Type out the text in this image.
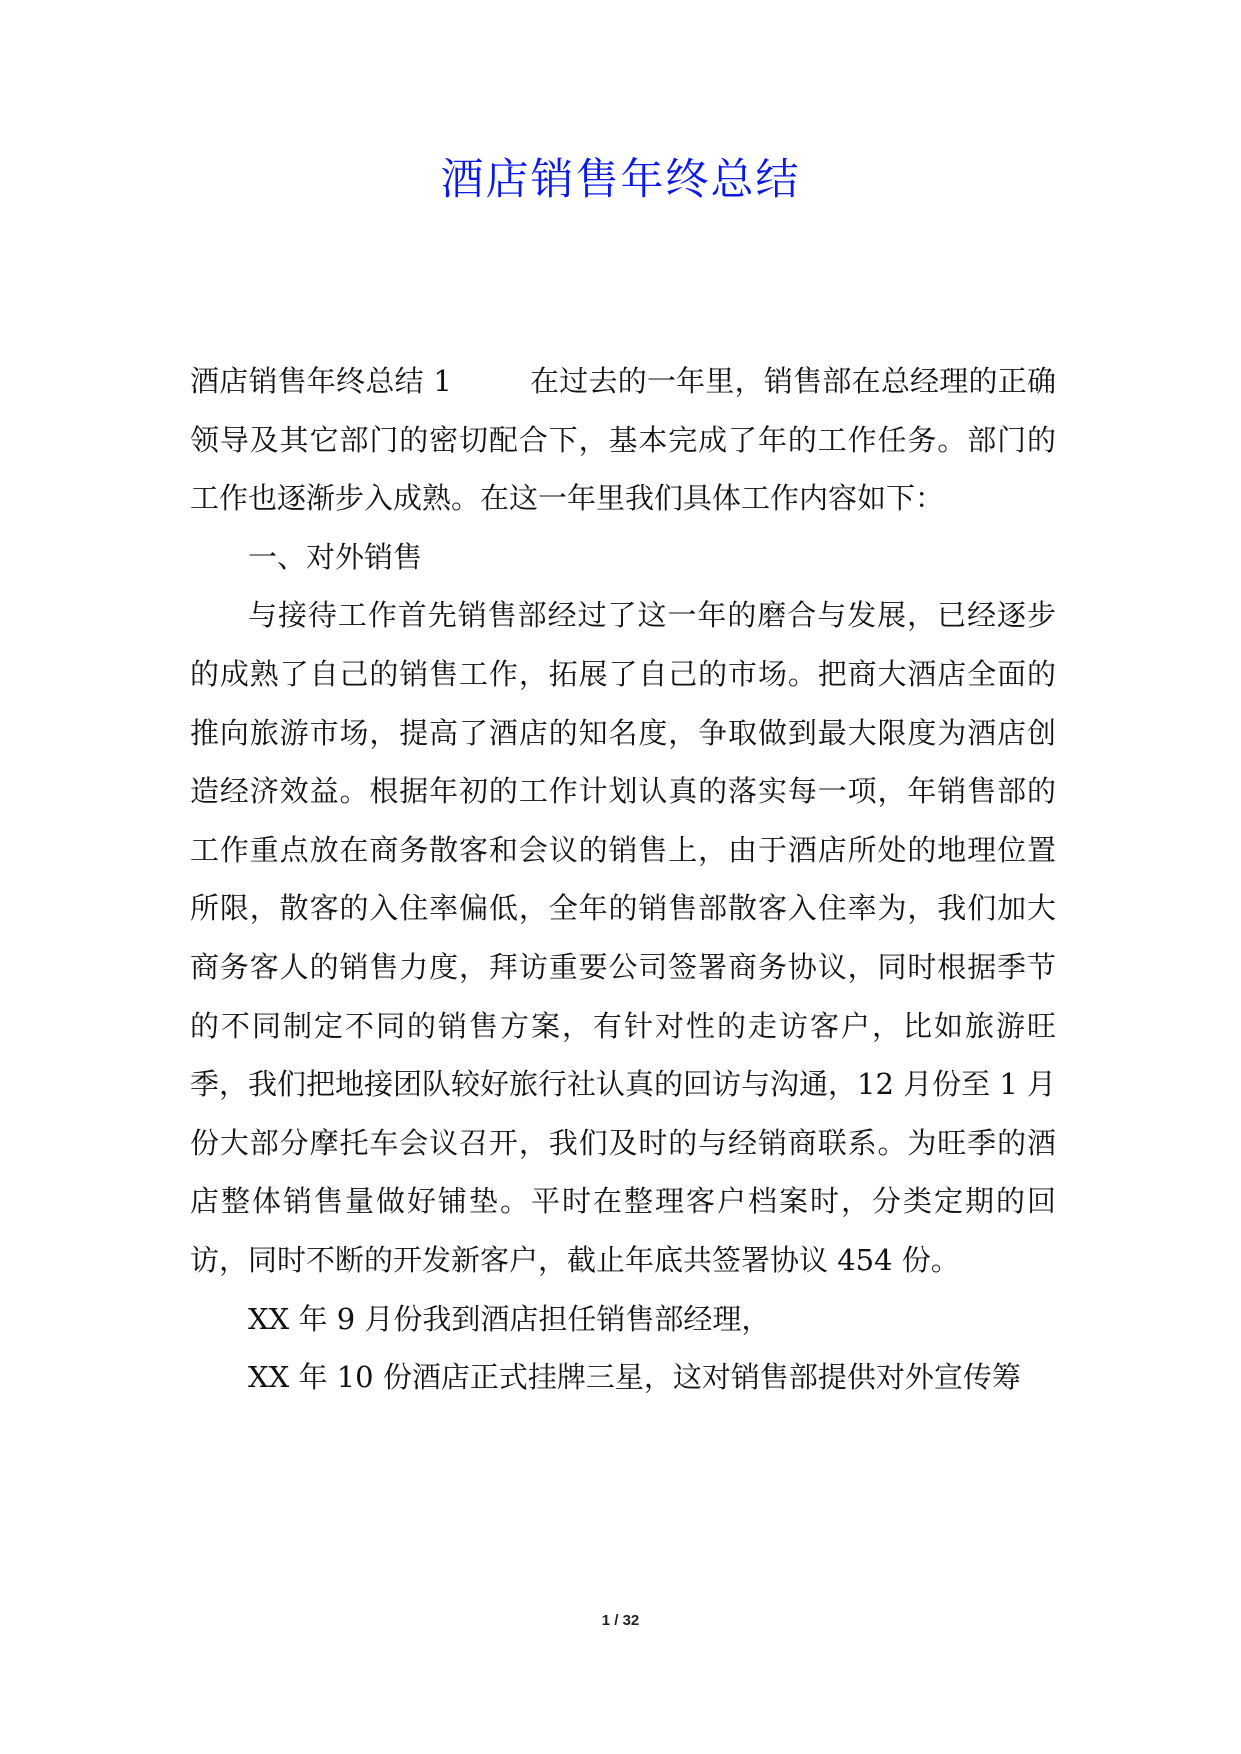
酒店销售年终总结

酒店销售年终总结 1	在过去的一年里，销售部在总经理的正确领导及其它部门的密切配合下，基本完成了年的工作任务。部门的工作也逐渐步入成熟。在这一年里我们具体工作内容如下：

一、对外销售

与接待工作首先销售部经过了这一年的磨合与发展，已经逐步的成熟了自己的销售工作，拓展了自己的市场。把商大酒店全面的推向旅游市场，提高了酒店的知名度，争取做到最大限度为酒店创造经济效益。根据年初的工作计划认真的落实每一项，年销售部的工作重点放在商务散客和会议的销售上，由于酒店所处的地理位置所限，散客的入住率偏低，全年的销售部散客入住率为，我们加大商务客人的销售力度，拜访重要公司签署商务协议，同时根据季节的不同制定不同的销售方案，有针对性的走访客户，比如旅游旺季，我们把地接团队较好旅行社认真的回访与沟通，12 月份至 1 月份大部分摩托车会议召开，我们及时的与经销商联系。为旺季的酒店整体销售量做好铺垫。平时在整理客户档案时，分类定期的回访，同时不断的开发新客户，截止年底共签署协议 454 份。

XX 年 9 月份我到酒店担任销售部经理，

XX 年 10 份酒店正式挂牌三星，这对销售部提供对外宣传筹

1 / 32
